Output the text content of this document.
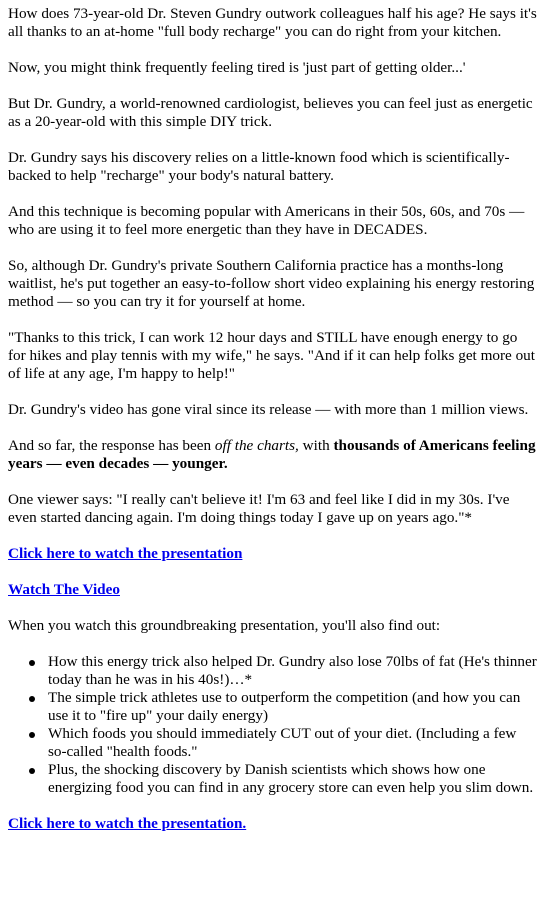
How does 73-year-old Dr. Steven Gundry outwork colleagues half his age? He says it's all thanks to an at-home "full body recharge" you can do right from your kitchen.

Now, you might think frequently feeling tired is 'just part of getting older...'

But Dr. Gundry, a world-renowned cardiologist, believes you can feel just as energetic as a 20-year-old with this simple DIY trick.

Dr. Gundry says his discovery relies on a little-known food which is scientifically-backed to help "recharge" your body's natural battery.

And this technique is becoming popular with Americans in their 50s, 60s, and 70s — who are using it to feel more energetic than they have in DECADES.

So, although Dr. Gundry's private Southern California practice has a months-long waitlist, he's put together an easy-to-follow short video explaining his energy restoring method — so you can try it for yourself at home.

"Thanks to this trick, I can work 12 hour days and STILL have enough energy to go for hikes and play tennis with my wife," he says. "And if it can help folks get more out of life at any age, I'm happy to help!"

Dr. Gundry's video has gone viral since its release — with more than 1 million views.

And so far, the response has been off the charts, with thousands of Americans feeling years — even decades — younger.

One viewer says: "I really can't believe it! I'm 63 and feel like I did in my 30s. I've even started dancing again. I'm doing things today I gave up on years ago."*

Click here to watch the presentation

Watch The Video

When you watch this groundbreaking presentation, you'll also find out:

How this energy trick also helped Dr. Gundry also lose 70lbs of fat (He's thinner today than he was in his 40s!)…*
The simple trick athletes use to outperform the competition (and how you can use it to "fire up" your daily energy)
Which foods you should immediately CUT out of your diet. (Including a few so-called "health foods."
Plus, the shocking discovery by Danish scientists which shows how one energizing food you can find in any grocery store can even help you slim down.

Click here to watch the presentation.
